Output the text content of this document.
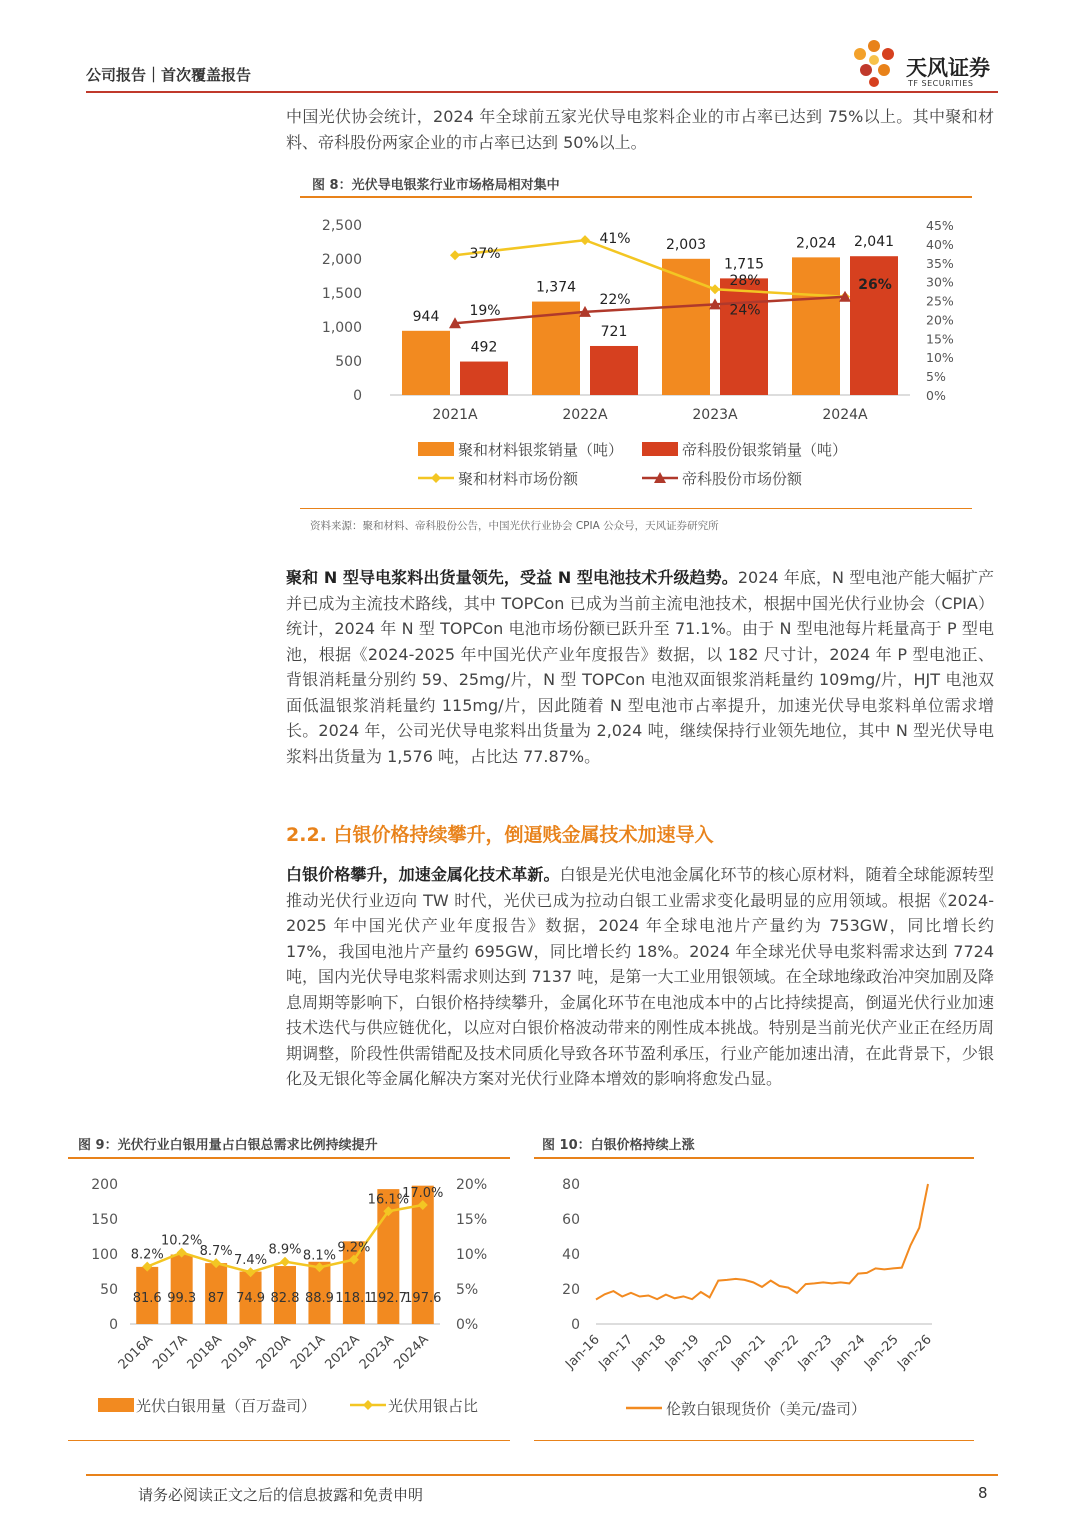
公司报告｜首次覆盖报告	天风证券
TF SECURITIES
中国光伏协会统计，2024 年全球前五家光伏导电浆料企业的市占率已达到 75%以上。其中聚和材料、帝科股份两家企业的市占率已达到 50%以上。
图 8：光伏导电银浆行业市场格局相对集中
0
500
1,000
1,500
2,000
2,500
0%
5%
10%
15%
20%
25%
30%
35%
40%
45%
944
492
2021A
1,374
721
2022A
2,003
1,715
2023A
2,024 2,041
2024A
37%
41%
28%
19%
22%
24%
26%
聚和材料银浆销量（吨）	帝科股份银浆销量（吨）
聚和材料市场份额	帝科股份市场份额
资料来源：聚和材料、帝科股份公告，中国光伏行业协会 CPIA 公众号，天风证券研究所
聚和 N 型导电浆料出货量领先，受益 N 型电池技术升级趋势。2024 年底，N 型电池产能大幅扩产并已成为主流技术路线，其中 TOPCon 已成为当前主流电池技术，根据中国光伏行业协会（CPIA）统计，2024 年 N 型 TOPCon 电池市场份额已跃升至 71.1%。由于 N 型电池每片耗量高于 P 型电池，根据《2024-2025 年中国光伏产业年度报告》数据，以 182 尺寸计，2024 年 P 型电池正、背银消耗量分别约 59、25mg/片，N 型 TOPCon 电池双面银浆消耗量约 109mg/片，HJT 电池双面低温银浆消耗量约 115mg/片，因此随着 N 型电池市占率提升，加速光伏导电浆料单位需求增长。2024 年，公司光伏导电浆料出货量为 2,024 吨，继续保持行业领先地位，其中 N 型光伏导电浆料出货量为 1,576 吨，占比达 77.87%。
2.2. 白银价格持续攀升，倒逼贱金属技术加速导入
白银价格攀升，加速金属化技术革新。白银是光伏电池金属化环节的核心原材料，随着全球能源转型推动光伏行业迈向 TW 时代，光伏已成为拉动白银工业需求变化最明显的应用领域。根据《2024-2025 年中国光伏产业年度报告》数据，2024 年全球电池片产量约为 753GW，同比增长约 17%，我国电池片产量约 695GW，同比增长约 18%。2024 年全球光伏导电浆料需求达到 7724 吨，国内光伏导电浆料需求则达到 7137 吨，是第一大工业用银领域。在全球地缘政治冲突加剧及降息周期等影响下，白银价格持续攀升，金属化环节在电池成本中的占比持续提高，倒逼光伏行业加速技术迭代与供应链优化，以应对白银价格波动带来的刚性成本挑战。特别是当前光伏产业正在经历周期调整，阶段性供需错配及技术同质化导致各环节盈利承压，行业产能加速出清，在此背景下，少银化及无银化等金属化解决方案对光伏行业降本增效的影响将愈发凸显。
图 9：光伏行业白银用量占白银总需求比例持续提升
0
50
100
150
200
0%
5%
10%
15%
20%
81.6
2016A
99.3
2017A
87
2018A
74.9
2019A
82.8
2020A
88.9
2021A
118.1
2022A
192.7
2023A
197.6
2024A
8.2%
10.2%
8.7%
7.4%
8.9% 8.1%
9.2%
16.1%
17.0%
光伏白银用量（百万盎司）	光伏用银占比
图 10：白银价格持续上涨
0
20
40
60
80
Jan-16
Jan-17
Jan-18
Jan-19
Jan-20
Jan-21
Jan-22
Jan-23
Jan-24
Jan-25
Jan-26
伦敦白银现货价（美元/盎司）
请务必阅读正文之后的信息披露和免责申明	8
